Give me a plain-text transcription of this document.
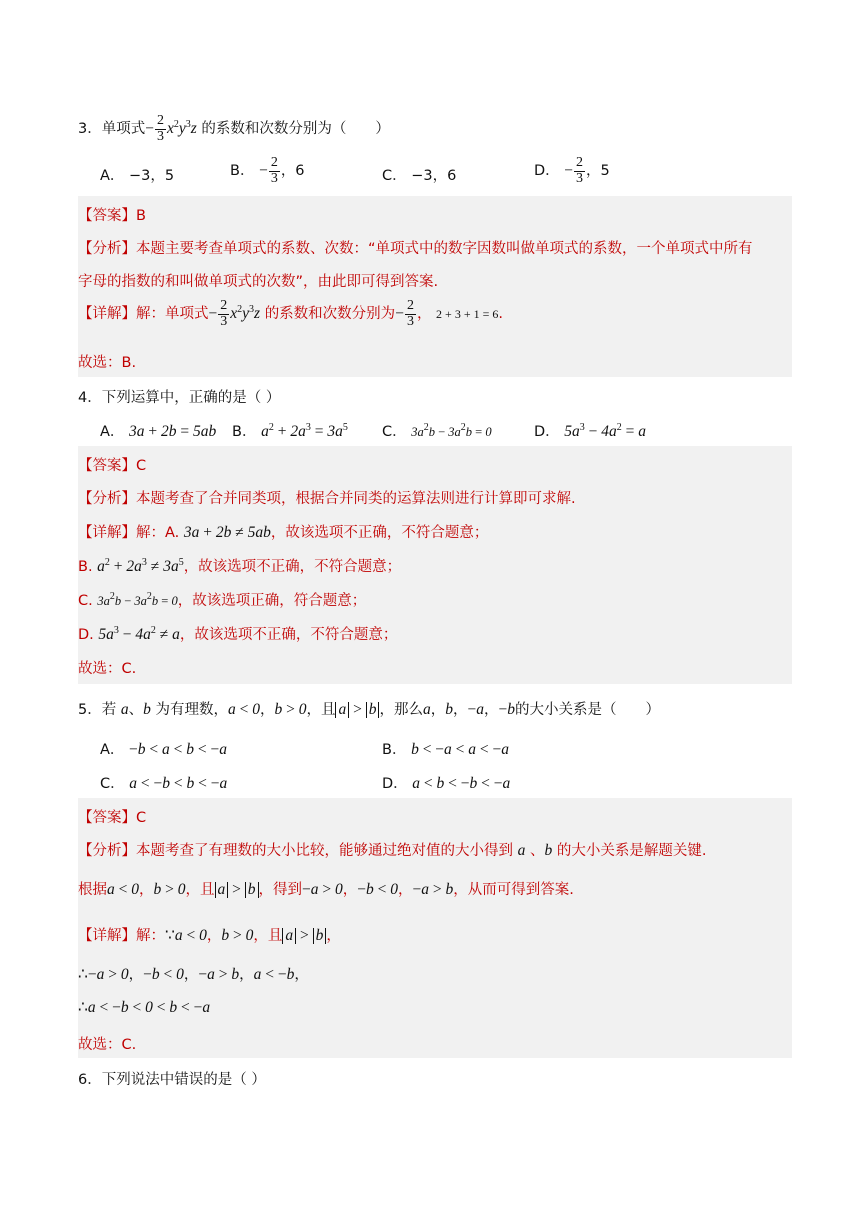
3．单项式− $\frac{2}{3} x^2y^3z$ 的系数和次数分别为（　　）
A． −3，5	B． − $\frac{2}{3}$ ，6	C． −3，6	D． − $\frac{2}{3}$ ，5
【答案】B
【分析】本题主要考查单项式的系数、次数：“单项式中的数字因数叫做单项式的系数，一个单项式中所有
字母的指数的和叫做单项式的次数”，由此即可得到答案.
【详解】解：单项式− $\frac{2}{3} x^2y^3z$ 的系数和次数分别为− $\frac{2}{3}$ ， 2 + 3 + 1 = 6.
故选：B.
4．下列运算中，正确的是（ ）
A． 3a + 2b = 5ab B． $a^2 + 2a^3 = 3a^5$ C． $3a^2b - 3a^2b = 0$	D． $5a^3 - 4a^2 = a$
【答案】C
【分析】本题考查了合并同类项，根据合并同类的运算法则进行计算即可求解.
【详解】解：A. 3a + 2b ≠ 5ab，故该选项不正确，不符合题意；
B. $a^2 + 2a^3 \ne 3a^5$，故该选项不正确，不符合题意；
C. $3a^2b - 3a^2b = 0$，故该选项正确，符合题意；
D. $5a^3 - 4a^2 \ne a$，故该选项不正确，不符合题意；
故选：C.
5．若 a、b 为有理数，a < 0，b > 0，且 a > b ，那么a，b，−a，−b的大小关系是（　　）
A． −b < a < b < −a	B． b < −a < a < −a
C． a < −b < b < −a	D． a < b < −b < −a
【答案】C
【分析】本题考查了有理数的大小比较，能够通过绝对值的大小得到 a 、b 的大小关系是解题关键.
根据a < 0，b > 0，且 a > b ，得到−a > 0，−b < 0，−a > b，从而可得到答案.
【详解】解：∵a < 0，b > 0，且 a > b ，
∴−a > 0，−b < 0，−a > b，a < −b，
∴a < −b < 0 < b < −a
故选：C.
6．下列说法中错误的是（ ）
